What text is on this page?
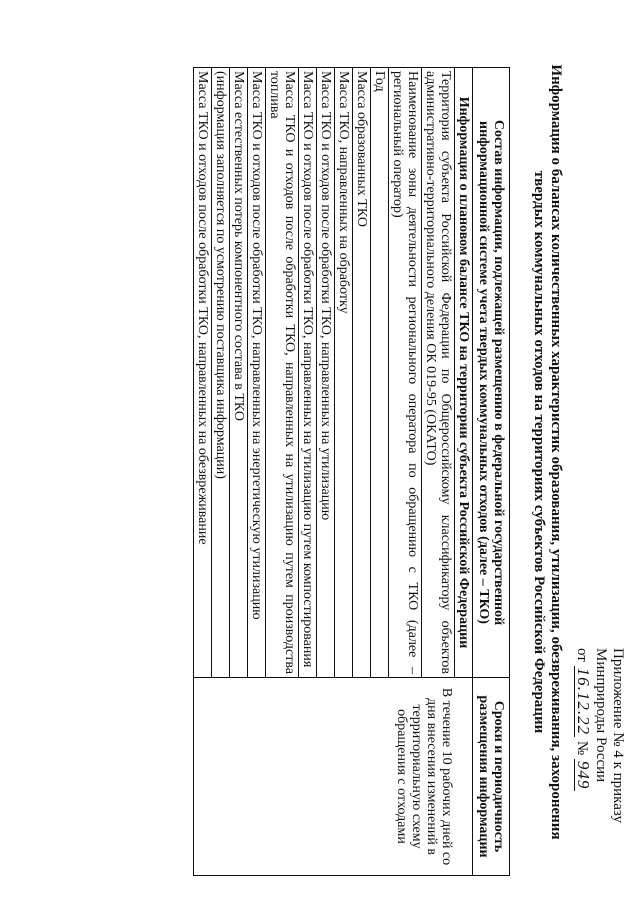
Приложение № 4 к приказу
Минприроды России
от 16.12.22 № 949
Информация о балансах количественных характеристик образования, утилизации, обезвреживания, захоронения твердых коммунальных отходов на территориях субъектов Российской Федерации
Состав информации, подлежащей размещению в федеральной государственной информационной системе учета твердых коммунальных отходов (далее – ТКО)	Сроки и периодичность размещения информации
Информация о плановом балансе ТКО на территории субъекта Российской Федерации	В течение 10 рабочих дней со дня внесения изменений в территориальную схему обращения с отходами

Территория субъекта Российской Федерации по Общероссийскому классификатору объектов административно-территориального деления ОК 019-95 (ОКАТО)	
Наименование зоны деятельности регионального оператора по обращению с ТКО (далее – региональный оператор)	
Год	
Масса образованных ТКО	
Масса ТКО, направленных на обработку	
Масса ТКО и отходов после обработки ТКО, направленных на утилизацию	
Масса ТКО и отходов после обработки ТКО, направленных на утилизацию путем компостирования	
Масса ТКО и отходов после обработки ТКО, направленных на утилизацию путем производства топлива	
Масса ТКО и отходов после обработки ТКО, направленных на энергетическую утилизацию	
Масса естественных потерь компонентного состава в ТКО	
(информация заполняется по усмотрению поставщика информации)	
Масса ТКО и отходов после обработки ТКО, направленных на обезвреживание	
